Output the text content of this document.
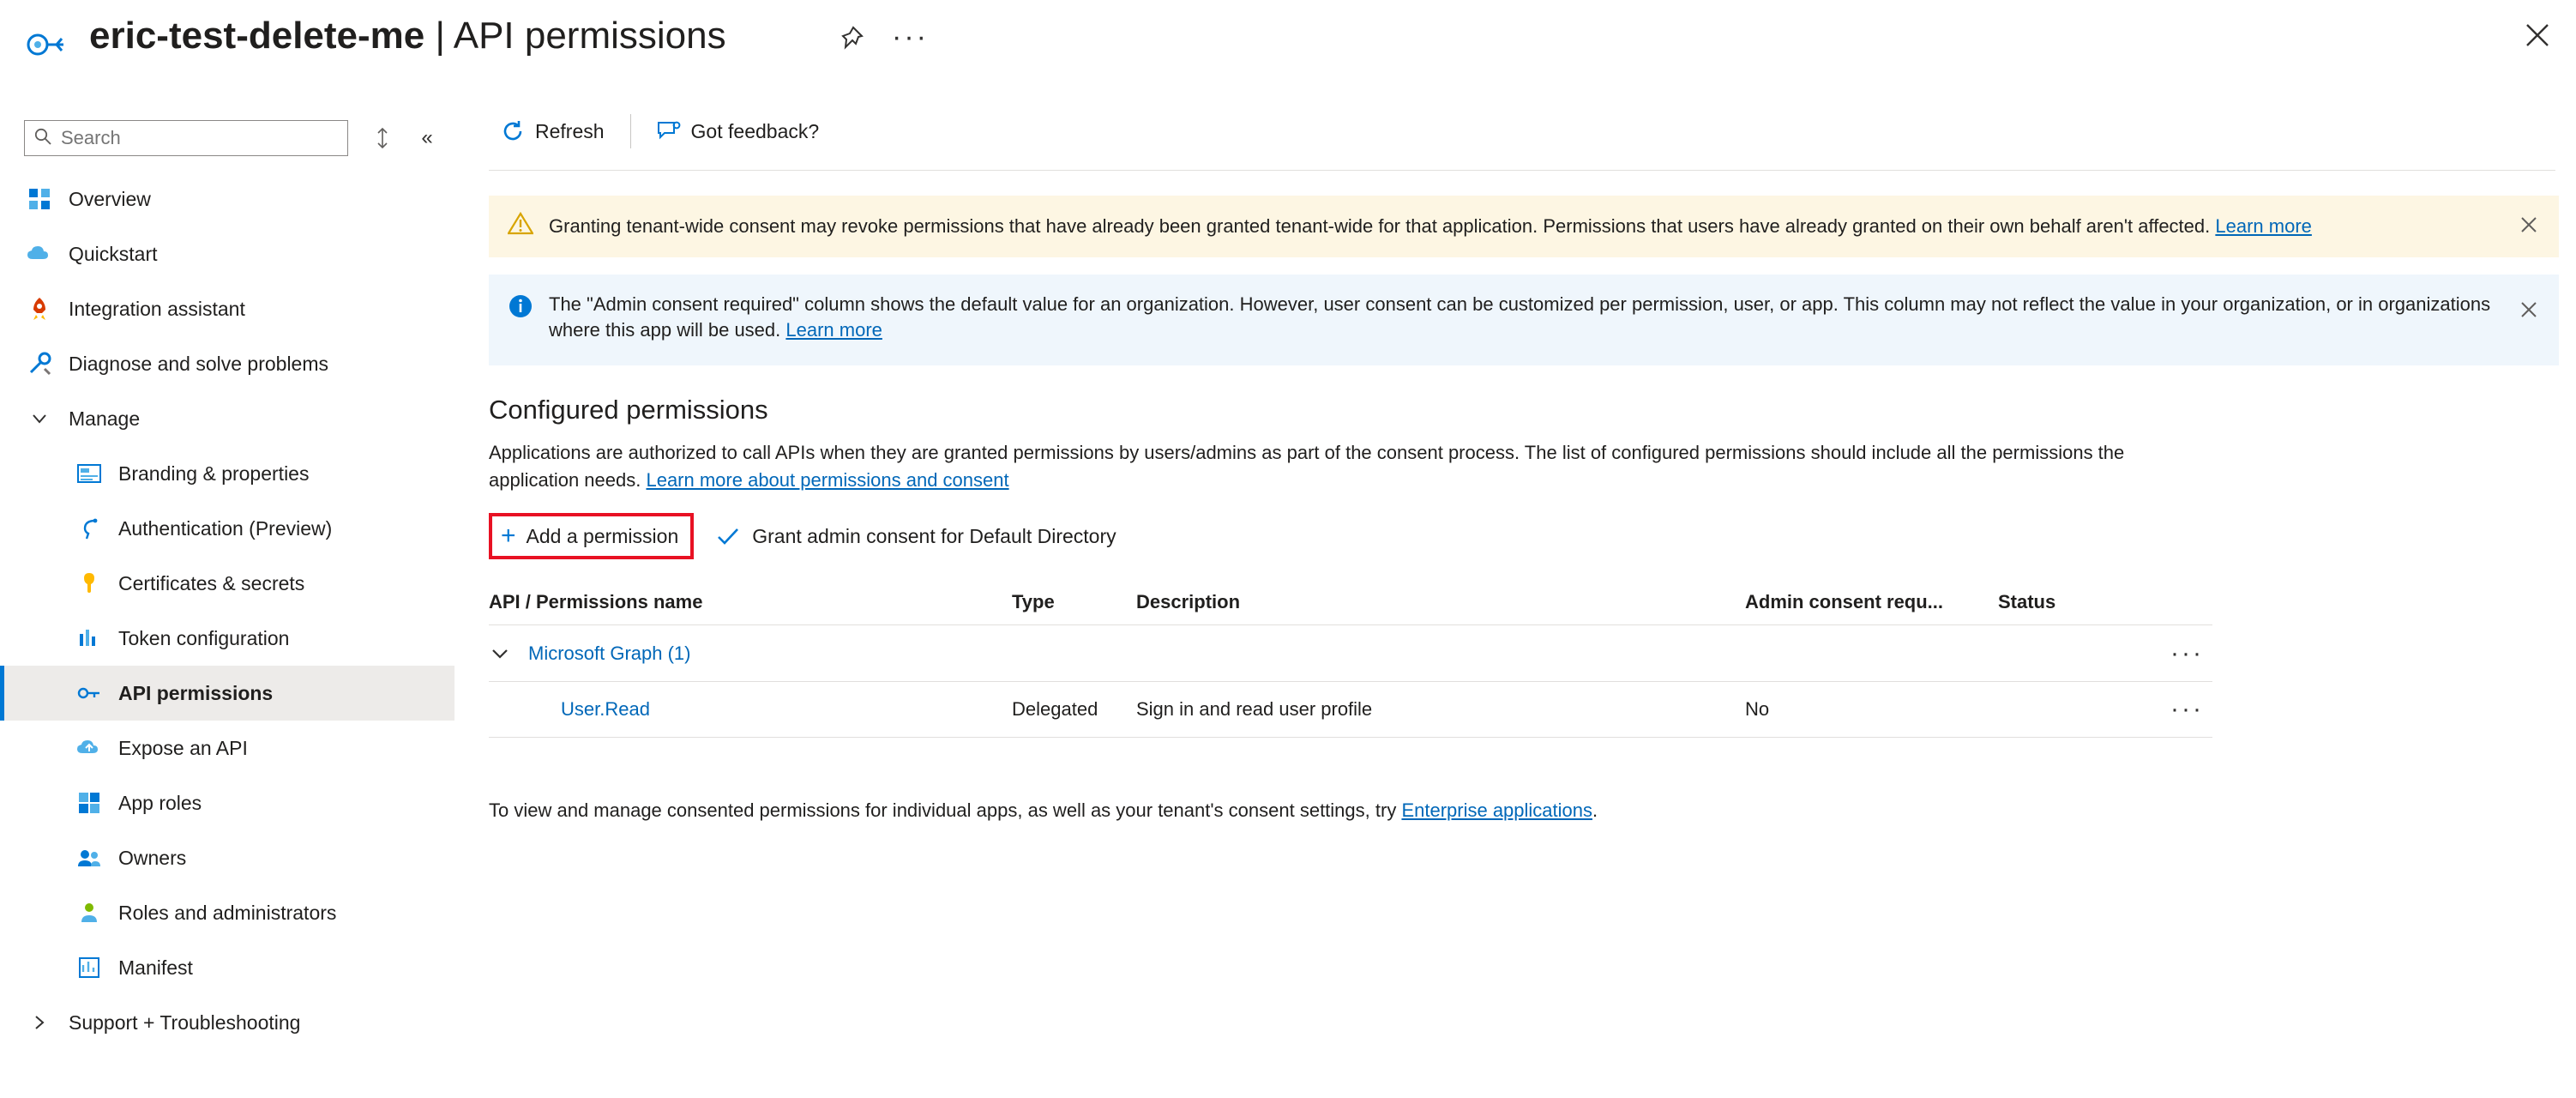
eric-test-delete-me | API permissions	···
Search
«
Overview
Quickstart
Integration assistant
Diagnose and solve problems
Manage
Branding & properties
Authentication (Preview)
Certificates & secrets
Token configuration
API permissions
Expose an API
App roles
Owners
Roles and administrators
Manifest
Support + Troubleshooting
Refresh	Got feedback?
Granting tenant-wide consent may revoke permissions that have already been granted tenant-wide for that application. Permissions that users have already granted on their own behalf aren't affected. Learn more
The "Admin consent required" column shows the default value for an organization. However, user consent can be customized per permission, user, or app. This column may not reflect the value in your organization, or in organizations where this app will be used. Learn more
Configured permissions
Applications are authorized to call APIs when they are granted permissions by users/admins as part of the consent process. The list of configured permissions should include all the permissions the application needs. Learn more about permissions and consent
+ Add a permission	Grant admin consent for Default Directory
API / Permissions name	Type	Description	Admin consent requ...	Status
Microsoft Graph (1)	···
User.Read	Delegated	Sign in and read user profile	No	···
To view and manage consented permissions for individual apps, as well as your tenant's consent settings, try Enterprise applications.
